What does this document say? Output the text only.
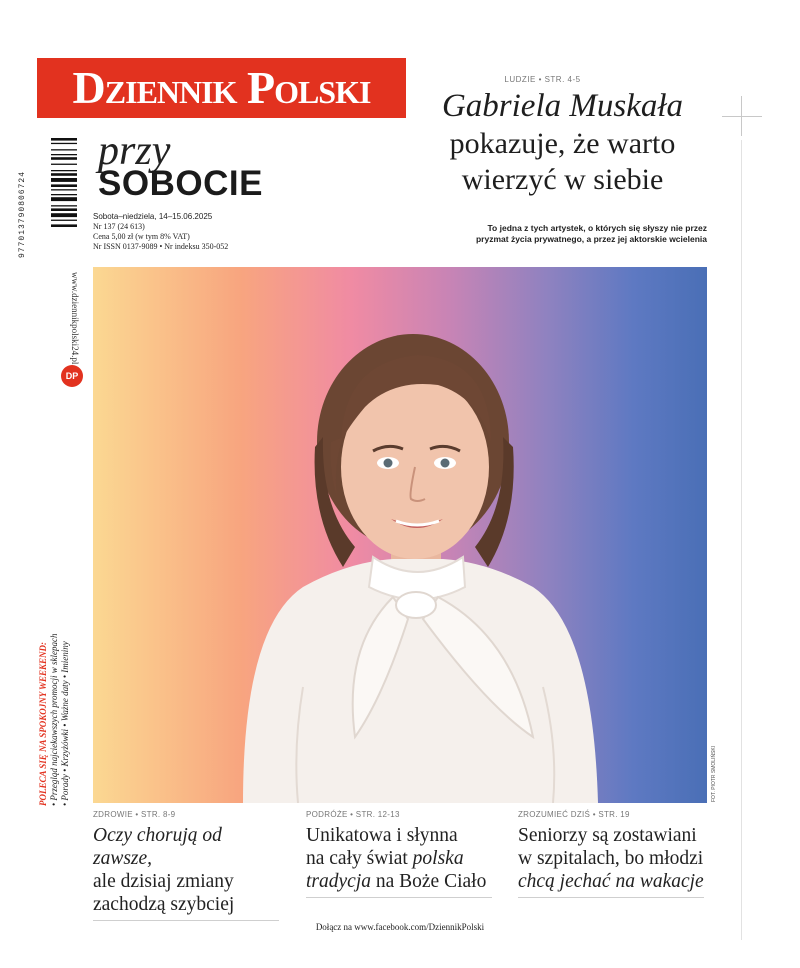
Dziennik Polski
977013790806724
przy
SOBOCIE
Sobota–niedziela, 14–15.06.2025
Nr 137 (24 613)
Cena 5,00 zł (w tym 8% VAT)
Nr ISSN 0137-9089 • Nr indeksu 350-052
LUDZIE • STR. 4-5
Gabriela Muskała
pokazuje, że warto
wierzyć w siebie
To jedna z tych artystek, o których się słyszy nie przez
pryzmat życia prywatnego, a przez jej aktorskie wcielenia
www.dziennikpolski24.pl
DP
POLECA SIĘ NA SPOKOJNY WEEKEND: • Przegląd najciekawszych promocji w sklepach • Porady • Krzyżówki • Ważne daty • Imieniny	FOT. PIOTR SMOLIŃSKI
ZDROWIE • STR. 8-9
Oczy chorują od zawsze,
ale dzisiaj zmiany
zachodzą szybciej
PODRÓŻE • STR. 12-13
Unikatowa i słynna
na cały świat polska
tradycja na Boże Ciało
ZROZUMIEĆ DZIŚ • STR. 19
Seniorzy są zostawiani
w szpitalach, bo młodzi
chcą jechać na wakacje
Dołącz na www.facebook.com/DziennikPolski
